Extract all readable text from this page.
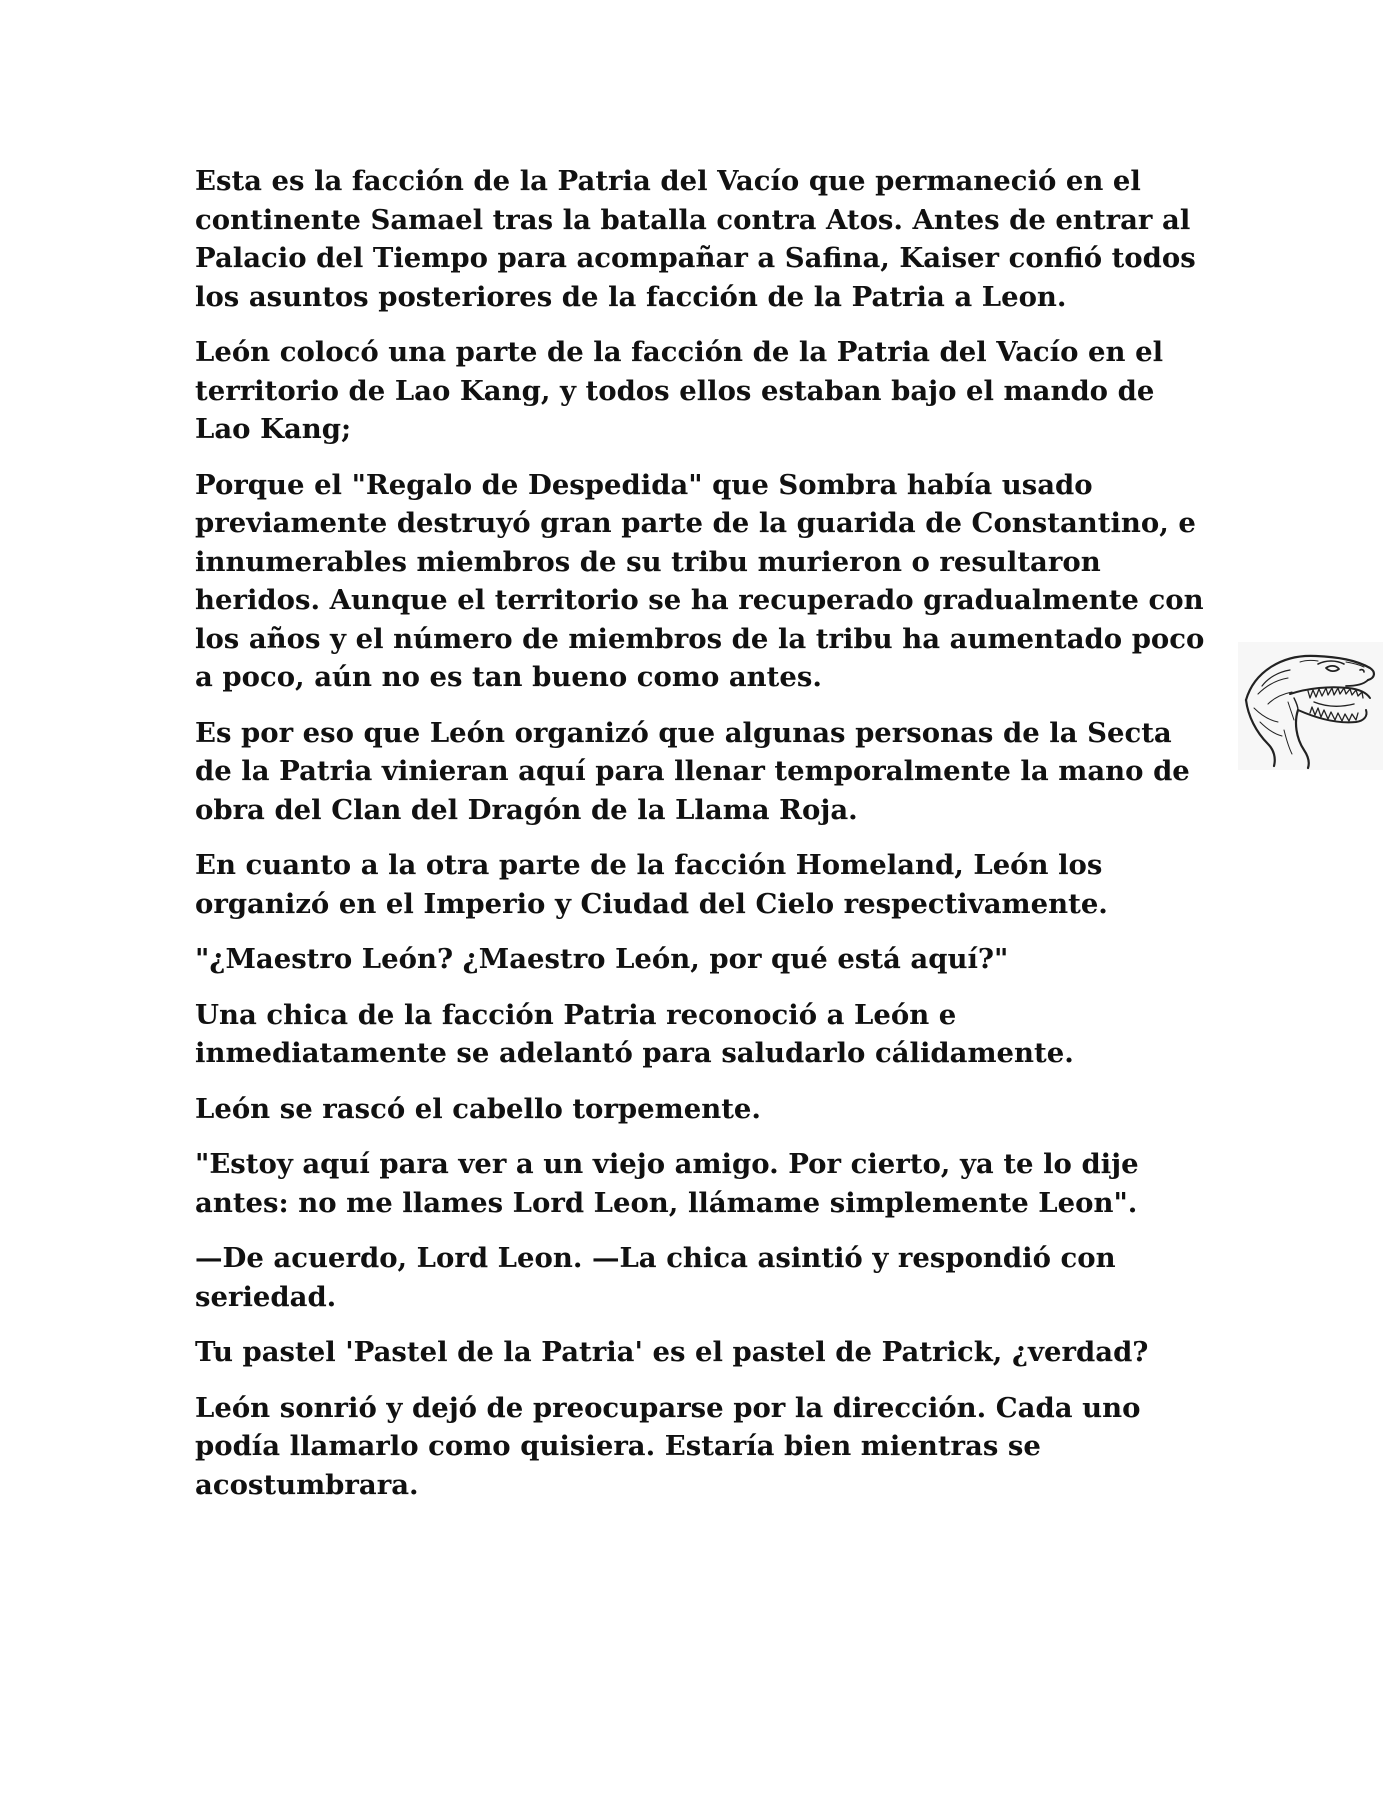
Esta es la facción de la Patria del Vacío que permaneció en el continente Samael tras la batalla contra Atos. Antes de entrar al Palacio del Tiempo para acompañar a Safina, Kaiser confió todos los asuntos posteriores de la facción de la Patria a Leon.

León colocó una parte de la facción de la Patria del Vacío en el territorio de Lao Kang, y todos ellos estaban bajo el mando de Lao Kang;

Porque el "Regalo de Despedida" que Sombra había usado previamente destruyó gran parte de la guarida de Constantino, e innumerables miembros de su tribu murieron o resultaron heridos. Aunque el territorio se ha recuperado gradualmente con los años y el número de miembros de la tribu ha aumentado poco a poco, aún no es tan bueno como antes.

Es por eso que León organizó que algunas personas de la Secta de la Patria vinieran aquí para llenar temporalmente la mano de obra del Clan del Dragón de la Llama Roja.

En cuanto a la otra parte de la facción Homeland, León los organizó en el Imperio y Ciudad del Cielo respectivamente.

"¿Maestro León? ¿Maestro León, por qué está aquí?"

Una chica de la facción Patria reconoció a León e inmediatamente se adelantó para saludarlo cálidamente.

León se rascó el cabello torpemente.

"Estoy aquí para ver a un viejo amigo. Por cierto, ya te lo dije antes: no me llames Lord Leon, llámame simplemente Leon".

—De acuerdo, Lord Leon. —La chica asintió y respondió con seriedad.

Tu pastel 'Pastel de la Patria' es el pastel de Patrick, ¿verdad?

León sonrió y dejó de preocuparse por la dirección. Cada uno podía llamarlo como quisiera. Estaría bien mientras se acostumbrara.
